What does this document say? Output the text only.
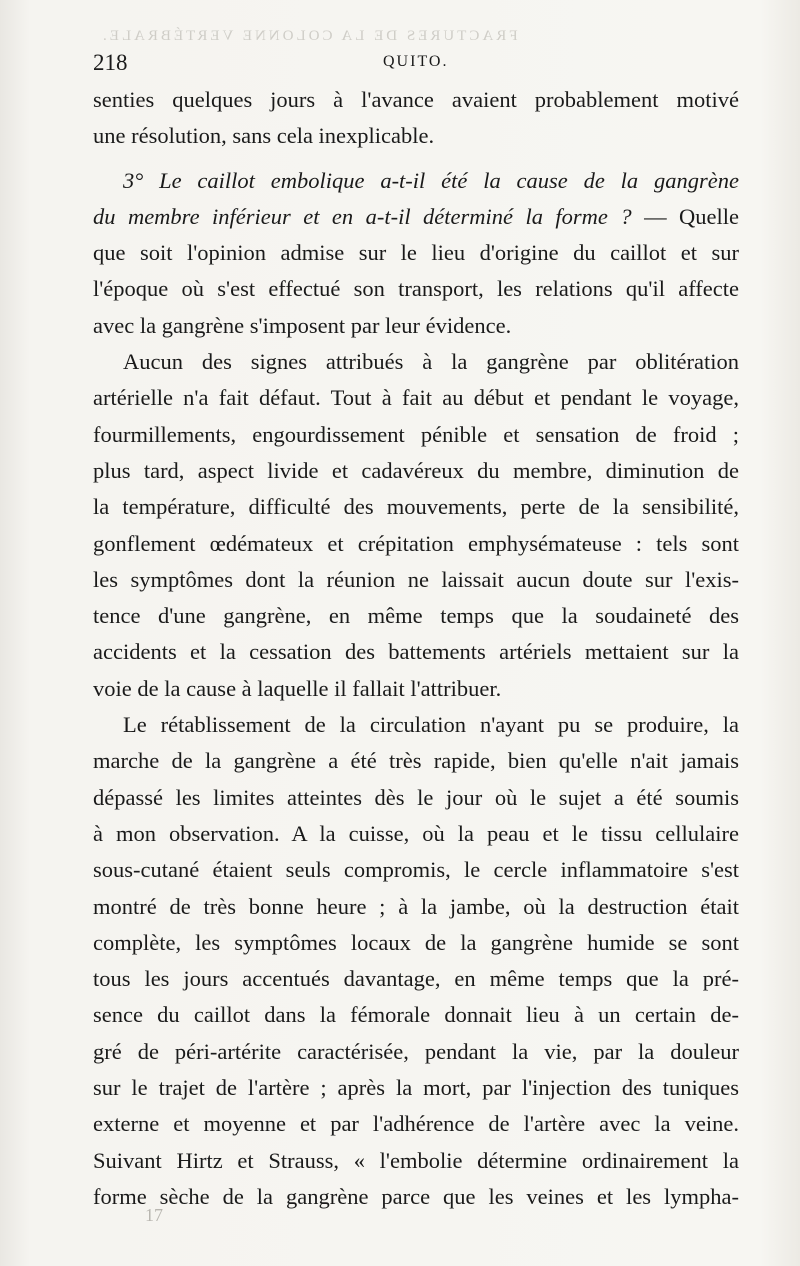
FRACTURES DE LA COLONNE VERTÉBRALE.
218	QUITO.
senties quelques jours à l'avance avaient probablement motivé
une résolution, sans cela inexplicable.
3° Le caillot embolique a-t-il été la cause de la gangrène
du membre inférieur et en a-t-il déterminé la forme ? — Quelle
que soit l'opinion admise sur le lieu d'origine du caillot et sur
l'époque où s'est effectué son transport, les relations qu'il affecte
avec la gangrène s'imposent par leur évidence.
Aucun des signes attribués à la gangrène par oblitération
artérielle n'a fait défaut. Tout à fait au début et pendant le voyage,
fourmillements, engourdissement pénible et sensation de froid ;
plus tard, aspect livide et cadavéreux du membre, diminution de
la température, difficulté des mouvements, perte de la sensibilité,
gonflement œdémateux et crépitation emphysémateuse : tels sont
les symptômes dont la réunion ne laissait aucun doute sur l'exis-
tence d'une gangrène, en même temps que la soudaineté des
accidents et la cessation des battements artériels mettaient sur la
voie de la cause à laquelle il fallait l'attribuer.
Le rétablissement de la circulation n'ayant pu se produire, la
marche de la gangrène a été très rapide, bien qu'elle n'ait jamais
dépassé les limites atteintes dès le jour où le sujet a été soumis
à mon observation. A la cuisse, où la peau et le tissu cellulaire
sous-cutané étaient seuls compromis, le cercle inflammatoire s'est
montré de très bonne heure ; à la jambe, où la destruction était
complète, les symptômes locaux de la gangrène humide se sont
tous les jours accentués davantage, en même temps que la pré-
sence du caillot dans la fémorale donnait lieu à un certain de-
gré de péri-artérite caractérisée, pendant la vie, par la douleur
sur le trajet de l'artère ; après la mort, par l'injection des tuniques
externe et moyenne et par l'adhérence de l'artère avec la veine.
Suivant Hirtz et Strauss, « l'embolie détermine ordinairement la
forme sèche de la gangrène parce que les veines et les lympha-
17
